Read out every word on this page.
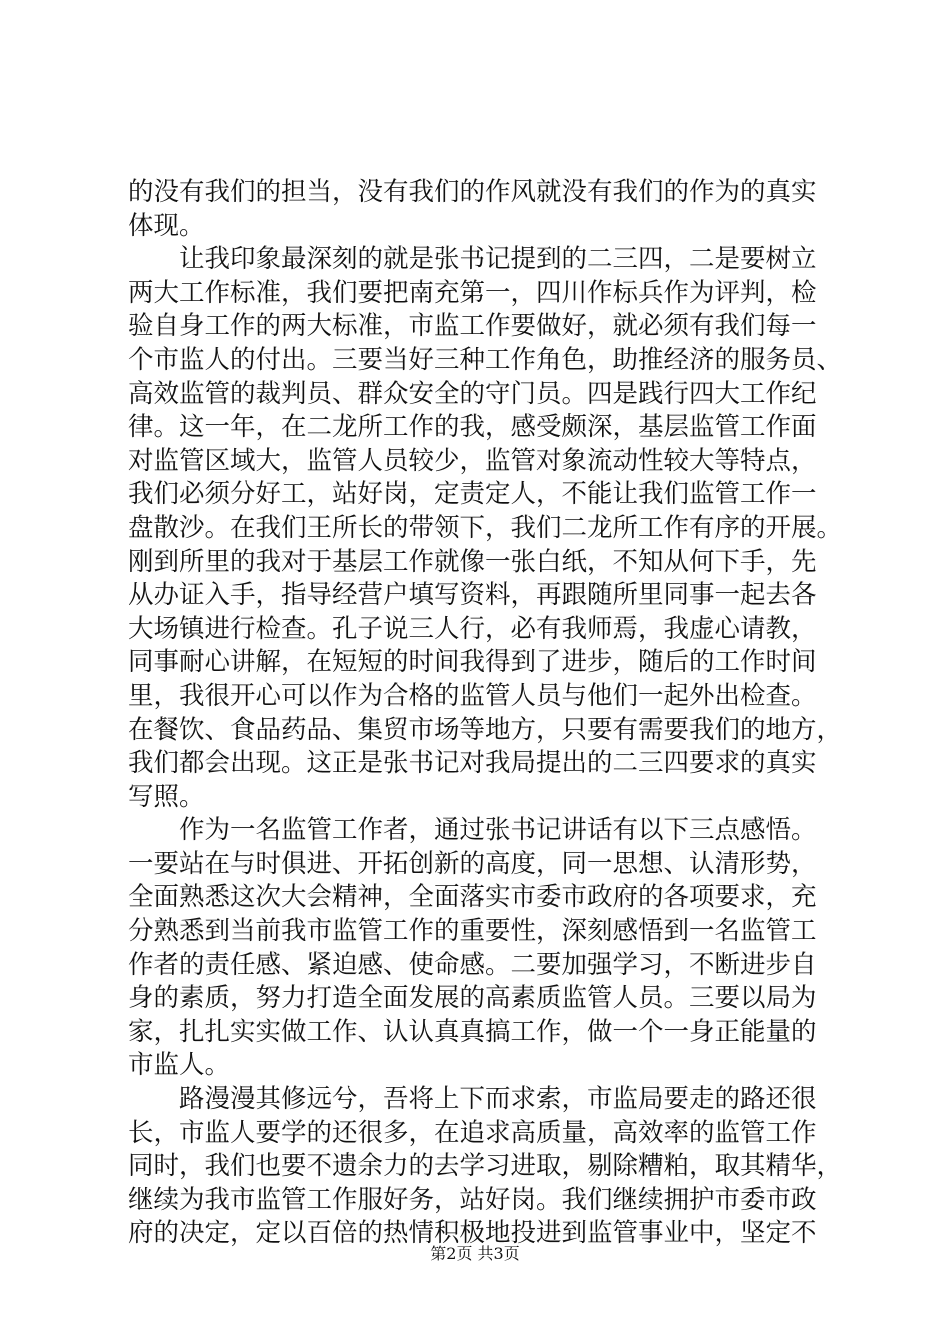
的没有我们的担当，没有我们的作风就没有我们的作为的真实
体现。
让我印象最深刻的就是张书记提到的二三四，二是要树立
两大工作标准，我们要把南充第一，四川作标兵作为评判，检
验自身工作的两大标准，市监工作要做好，就必须有我们每一
个市监人的付出。三要当好三种工作角色，助推经济的服务员、
高效监管的裁判员、群众安全的守门员。四是践行四大工作纪
律。这一年，在二龙所工作的我，感受颇深，基层监管工作面
对监管区域大，监管人员较少，监管对象流动性较大等特点，
我们必须分好工，站好岗，定责定人，不能让我们监管工作一
盘散沙。在我们王所长的带领下，我们二龙所工作有序的开展。
刚到所里的我对于基层工作就像一张白纸，不知从何下手，先
从办证入手，指导经营户填写资料，再跟随所里同事一起去各
大场镇进行检查。孔子说三人行，必有我师焉，我虚心请教，
同事耐心讲解，在短短的时间我得到了进步，随后的工作时间
里，我很开心可以作为合格的监管人员与他们一起外出检查。
在餐饮、食品药品、集贸市场等地方，只要有需要我们的地方，
我们都会出现。这正是张书记对我局提出的二三四要求的真实
写照。
作为一名监管工作者，通过张书记讲话有以下三点感悟。
一要站在与时俱进、开拓创新的高度，同一思想、认清形势，
全面熟悉这次大会精神，全面落实市委市政府的各项要求，充
分熟悉到当前我市监管工作的重要性，深刻感悟到一名监管工
作者的责任感、紧迫感、使命感。二要加强学习，不断进步自
身的素质，努力打造全面发展的高素质监管人员。三要以局为
家，扎扎实实做工作、认认真真搞工作，做一个一身正能量的
市监人。
路漫漫其修远兮，吾将上下而求索，市监局要走的路还很
长，市监人要学的还很多，在追求高质量，高效率的监管工作
同时，我们也要不遗余力的去学习进取，剔除糟粕，取其精华，
继续为我市监管工作服好务，站好岗。我们继续拥护市委市政
府的决定，定以百倍的热情积极地投进到监管事业中，坚定不
第2页 共3页
